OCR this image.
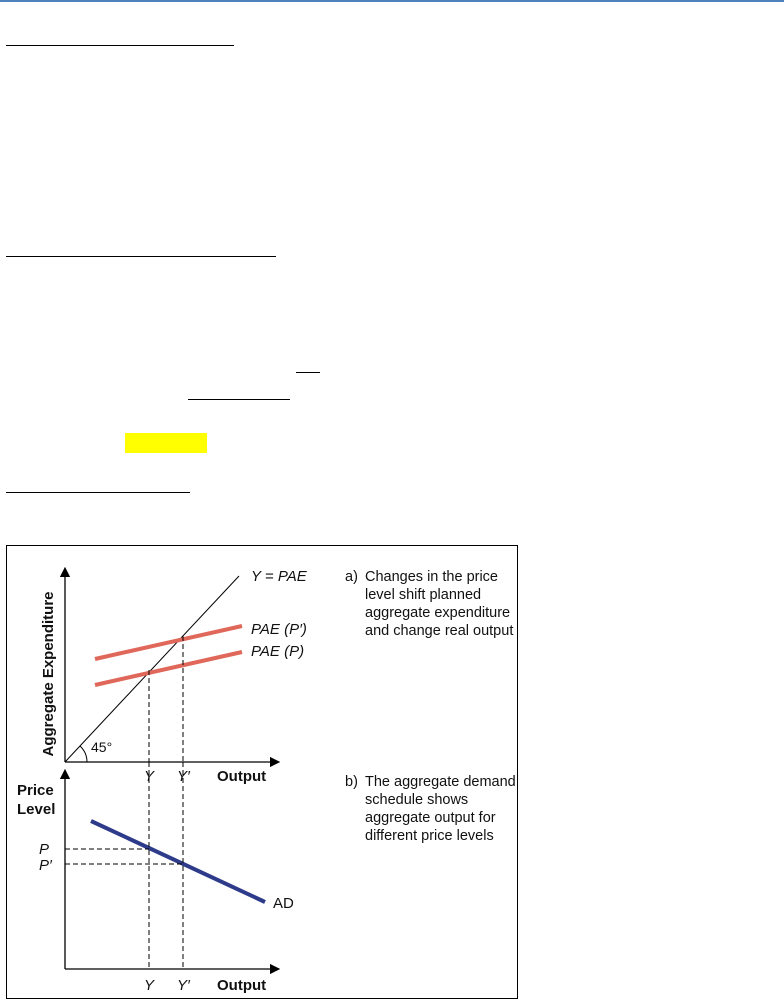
Aggregate Expenditure
Y = PAE
45°
PAE (P′)
PAE (P)
Y Y′ Output
Price
Level
AD
P
P′
Y Y′ Output
a) Changes in the price level shift planned aggregate expenditure and change real output
b) The aggregate demand schedule shows aggregate output for different price levels
